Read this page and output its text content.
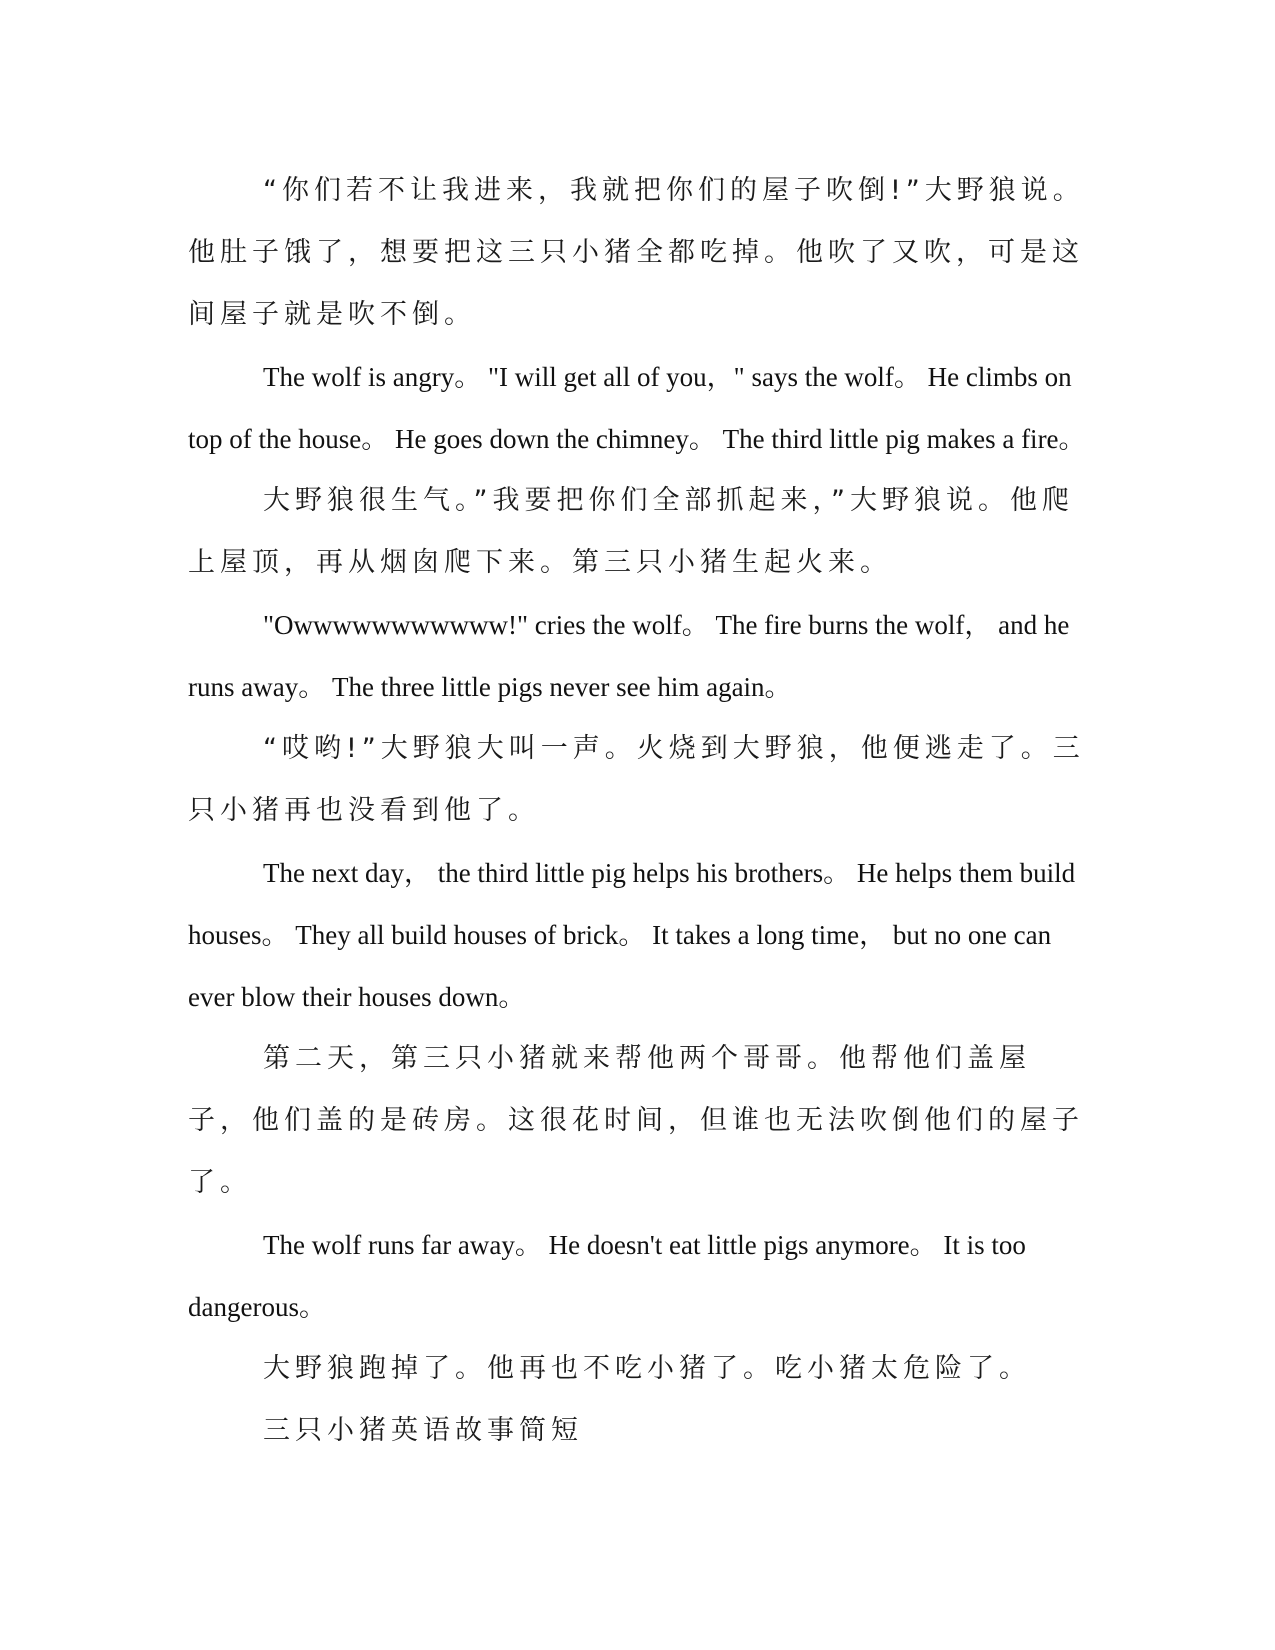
“你们若不让我进来，我就把你们的屋子吹倒!”大野狼说。他肚子饿了，想要把这三只小猪全都吃掉。他吹了又吹，可是这间屋子就是吹不倒。

The wolf is angry。 "I will get all of you，" says the wolf。 He climbs on top of the house。 He goes down the chimney。 The third little pig makes a fire。

大野狼很生气。”我要把你们全部抓起来，”大野狼说。他爬上屋顶，再从烟囱爬下来。第三只小猪生起火来。

"Owwwwwwwwwww!" cries the wolf。 The fire burns the wolf， and he runs away。 The three little pigs never see him again。

“哎哟!”大野狼大叫一声。火烧到大野狼，他便逃走了。三只小猪再也没看到他了。

The next day， the third little pig helps his brothers。 He helps them build houses。 They all build houses of brick。 It takes a long time， but no one can ever blow their houses down。

第二天，第三只小猪就来帮他两个哥哥。他帮他们盖屋子，他们盖的是砖房。这很花时间，但谁也无法吹倒他们的屋子了。

The wolf runs far away。 He doesn't eat little pigs anymore。 It is too dangerous。

大野狼跑掉了。他再也不吃小猪了。吃小猪太危险了。

三只小猪英语故事简短
